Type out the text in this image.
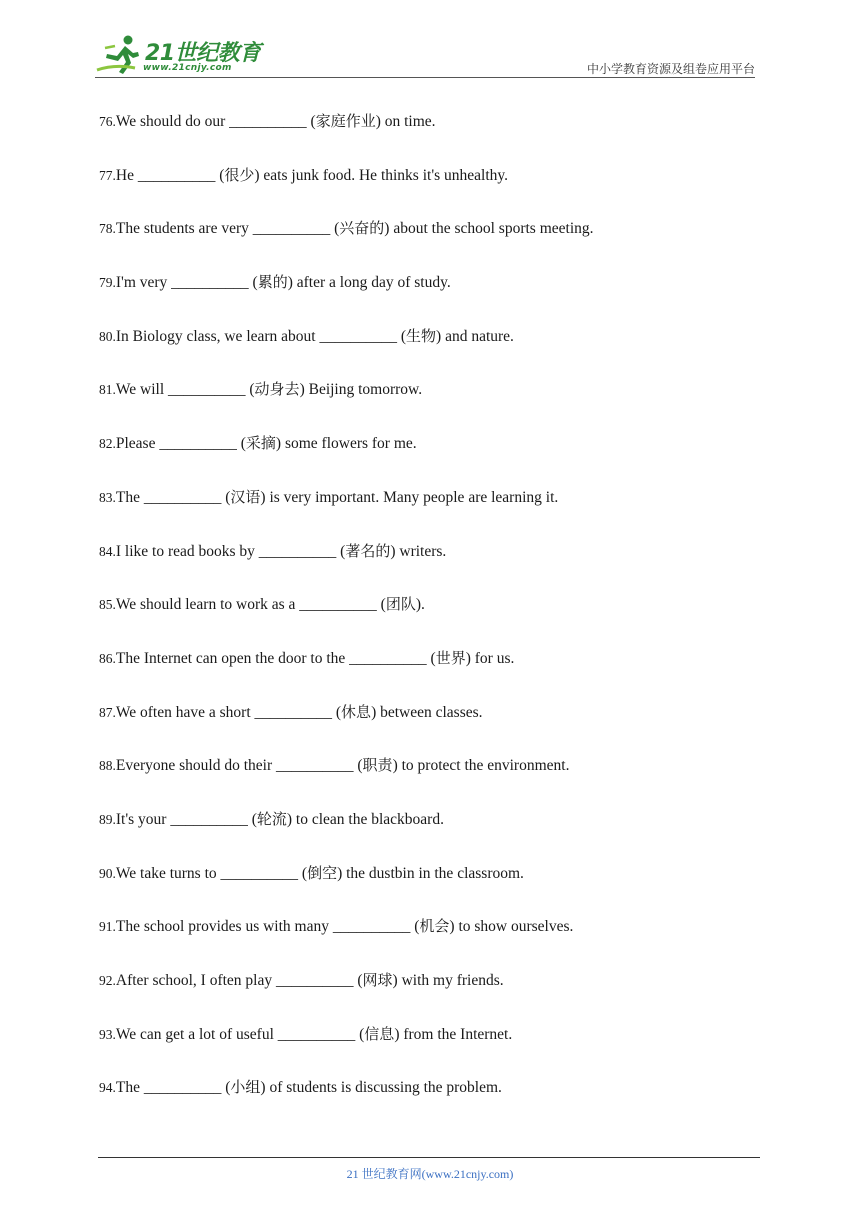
21世纪教育
www.21cnjy.com	中小学教育资源及组卷应用平台
76.We should do our __________ (家庭作业) on time.
77.He __________ (很少) eats junk food. He thinks it's unhealthy.
78.The students are very __________ (兴奋的) about the school sports meeting.
79.I'm very __________ (累的) after a long day of study.
80.In Biology class, we learn about __________ (生物) and nature.
81.We will __________ (动身去) Beijing tomorrow.
82.Please __________ (采摘) some flowers for me.
83.The __________ (汉语) is very important. Many people are learning it.
84.I like to read books by __________ (著名的) writers.
85.We should learn to work as a __________ (团队).
86.The Internet can open the door to the __________ (世界) for us.
87.We often have a short __________ (休息) between classes.
88.Everyone should do their __________ (职责) to protect the environment.
89.It's your __________ (轮流) to clean the blackboard.
90.We take turns to __________ (倒空) the dustbin in the classroom.
91.The school provides us with many __________ (机会) to show ourselves.
92.After school, I often play __________ (网球) with my friends.
93.We can get a lot of useful __________ (信息) from the Internet.
94.The __________ (小组) of students is discussing the problem.
21 世纪教育网(www.21cnjy.com)
